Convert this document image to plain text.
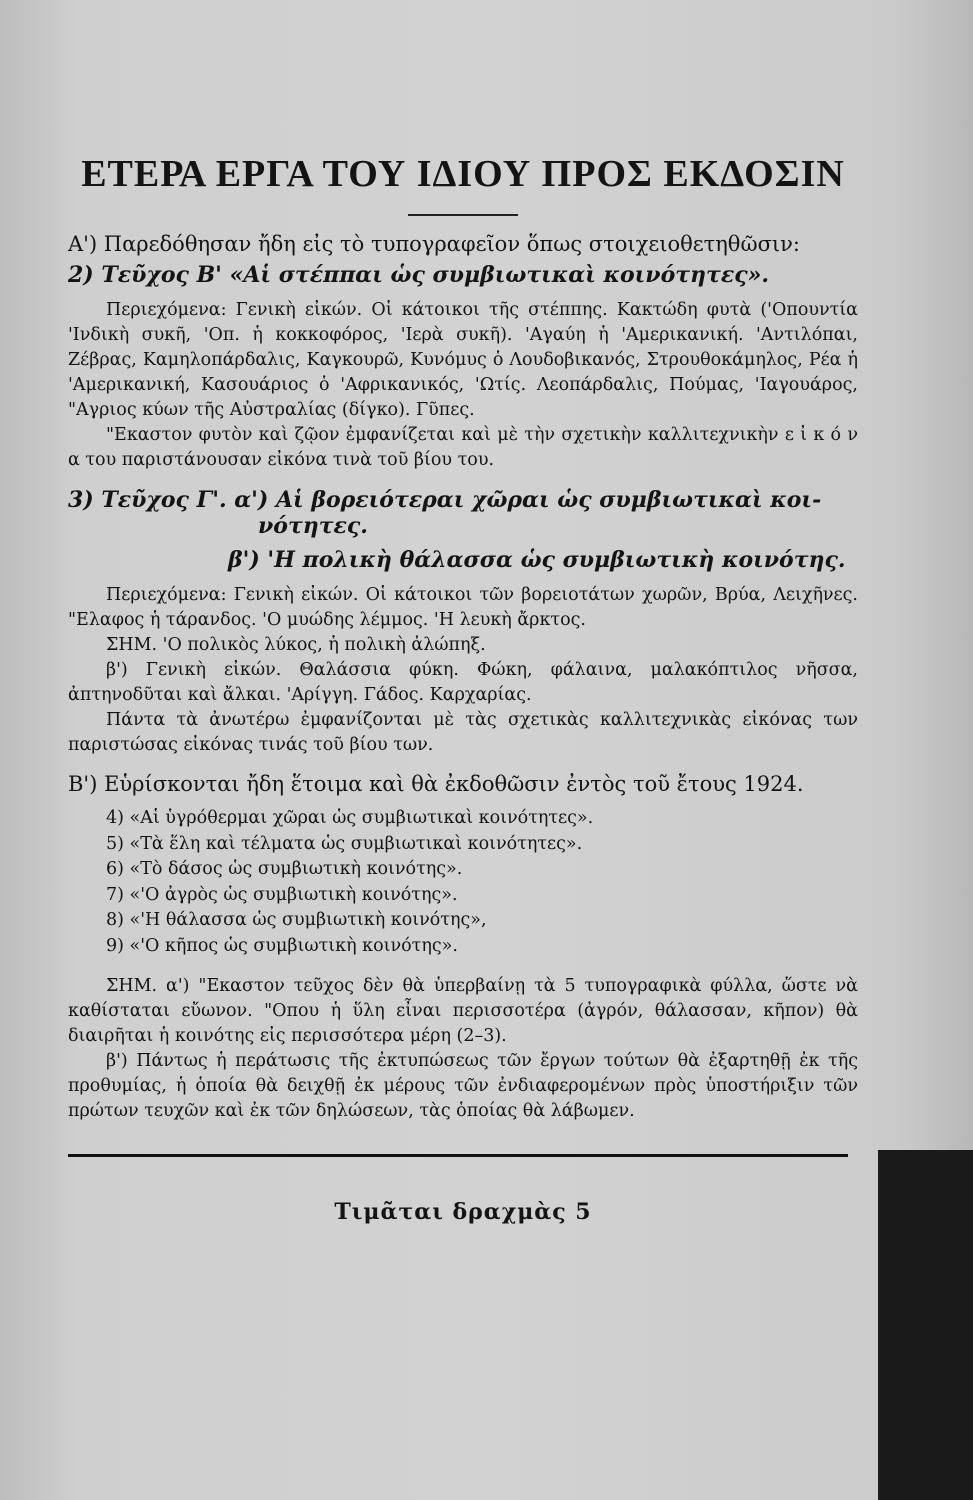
ΕΤΕΡΑ ΕΡΓΑ ΤΟΥ ΙΔΙΟΥ ΠΡΟΣ ΕΚΔΟΣΙΝ

Α') Παρεδόθησαν ἤδη εἰς τὸ τυπογραφεῖον ὅπως στοιχειοθετηθῶσιν:

2) Τεῦχος Β' «Αἱ στέππαι ὡς συμβιωτικαὶ κοινότητες».

Περιεχόμενα: Γενικὴ εἰκών. Οἱ κάτοικοι τῆς στέππης. Κακτώδη φυτὰ ('Οπουντία 'Ινδικὴ συκῆ, 'Οπ. ἡ κοκκοφόρος, 'Ιερὰ συκῆ). 'Αγαύη ἡ 'Αμερικανική. 'Αντιλόπαι, Ζέβρας, Καμηλοπάρδαλις, Καγκουρῶ, Κυνόμυς ὁ Λουδοβικανός, Στρουθοκάμηλος, Ρέα ἡ 'Αμερικανική, Κασουάριος ὁ 'Αφρικανικός, 'Ωτίς. Λεοπάρδαλις, Πούμας, 'Ιαγουάρος, "Αγριος κύων τῆς Αὐστραλίας (δίγκο). Γῦπες.

"Εκαστον φυτὸν καὶ ζῷον ἐμφανίζεται καὶ μὲ τὴν σχετικὴν καλλιτεχνικὴν ε ἰ κ ό ν α του παριστάνουσαν εἰκόνα τινὰ τοῦ βίου του.

3) Τεῦχος Γ'. α') Αἱ βορειότεραι χῶραι ὡς συμβιωτικαὶ κοι-

νότητες.

β') 'Η πολικὴ θάλασσα ὡς συμβιωτικὴ κοινότης.

Περιεχόμενα: Γενικὴ εἰκών. Οἱ κάτοικοι τῶν βορειοτάτων χωρῶν, Βρύα, Λειχῆνες. "Ελαφος ἡ τάρανδος. 'Ο μυώδης λέμμος. 'Η λευκὴ ἄρκτος.

ΣΗΜ. 'Ο πολικὸς λύκος, ἡ πολικὴ ἀλώπηξ.

β') Γενικὴ εἰκών. Θαλάσσια φύκη. Φώκη, φάλαινα, μαλακόπτιλος νῆσσα, ἀπτηνοδῦται καὶ ἄλκαι. 'Αρίγγη. Γάδος. Καρχαρίας.

Πάντα τὰ ἀνωτέρω ἐμφανίζονται μὲ τὰς σχετικὰς καλλιτεχνικὰς εἰκόνας των παριστώσας εἰκόνας τινάς τοῦ βίου των.

Β') Εὑρίσκονται ἤδη ἕτοιμα καὶ θὰ ἐκδοθῶσιν ἐντὸς τοῦ ἔτους 1924.

4) «Αἱ ὑγρόθερμαι χῶραι ὡς συμβιωτικαὶ κοινότητες».

5) «Τὰ ἕλη καὶ τέλματα ὡς συμβιωτικαὶ κοινότητες».

6) «Τὸ δάσος ὡς συμβιωτικὴ κοινότης».

7) «'Ο ἀγρὸς ὡς συμβιωτικὴ κοινότης».

8) «'Η θάλασσα ὡς συμβιωτικὴ κοινότης»,

9) «'Ο κῆπος ὡς συμβιωτικὴ κοινότης».

ΣΗΜ. α') "Εκαστον τεῦχος δὲν θὰ ὑπερβαίνῃ τὰ 5 τυπογραφικὰ φύλλα, ὥστε νὰ καθίσταται εὔωνον. "Οπου ἡ ὕλη εἶναι περισσοτέρα (ἀγρόν, θάλασσαν, κῆπον) θὰ διαιρῆται ἡ κοινότης εἰς περισσότερα μέρη (2–3).

β') Πάντως ἡ περάτωσις τῆς ἐκτυπώσεως τῶν ἔργων τούτων θὰ ἐξαρτηθῇ ἐκ τῆς προθυμίας, ἡ ὁποία θὰ δειχθῇ ἐκ μέρους τῶν ἐνδιαφερομένων πρὸς ὑποστήριξιν τῶν πρώτων τευχῶν καὶ ἐκ τῶν δηλώσεων, τὰς ὁποίας θὰ λάβωμεν.

Τιμᾶται δραχμὰς 5
